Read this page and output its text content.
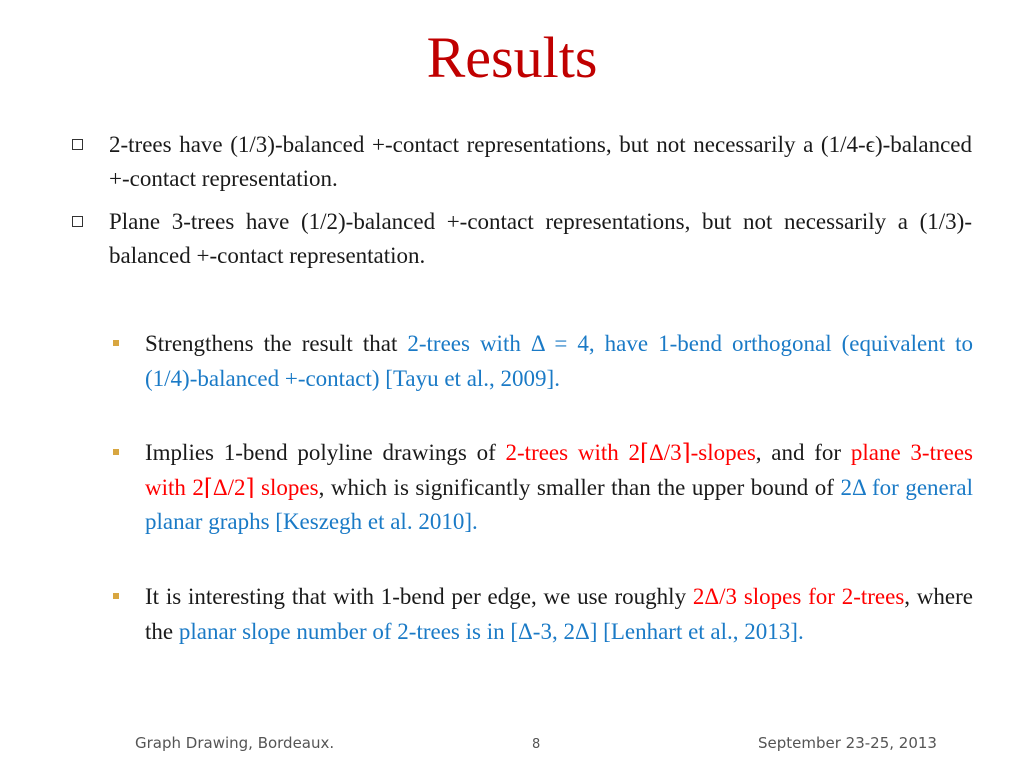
Results
2-trees have (1/3)-balanced +-contact representations, but not necessarily a (1/4-ϵ)-balanced +-contact representation.
Plane 3-trees have (1/2)-balanced +-contact representations, but not necessarily a (1/3)-balanced +-contact representation.
Strengthens the result that 2-trees with Δ = 4, have 1-bend orthogonal (equivalent to (1/4)-balanced +-contact) [Tayu et al., 2009].
Implies 1-bend polyline drawings of 2-trees with 2⌈Δ/3⌉-slopes, and for plane 3-trees with 2⌈Δ/2⌉ slopes, which is significantly smaller than the upper bound of 2Δ for general planar graphs [Keszegh et al. 2010].
It is interesting that with 1-bend per edge, we use roughly 2Δ/3 slopes for 2-trees, where the planar slope number of 2-trees is in [Δ-3, 2Δ] [Lenhart et al., 2013].
Graph Drawing, Bordeaux.	8	September 23-25, 2013
